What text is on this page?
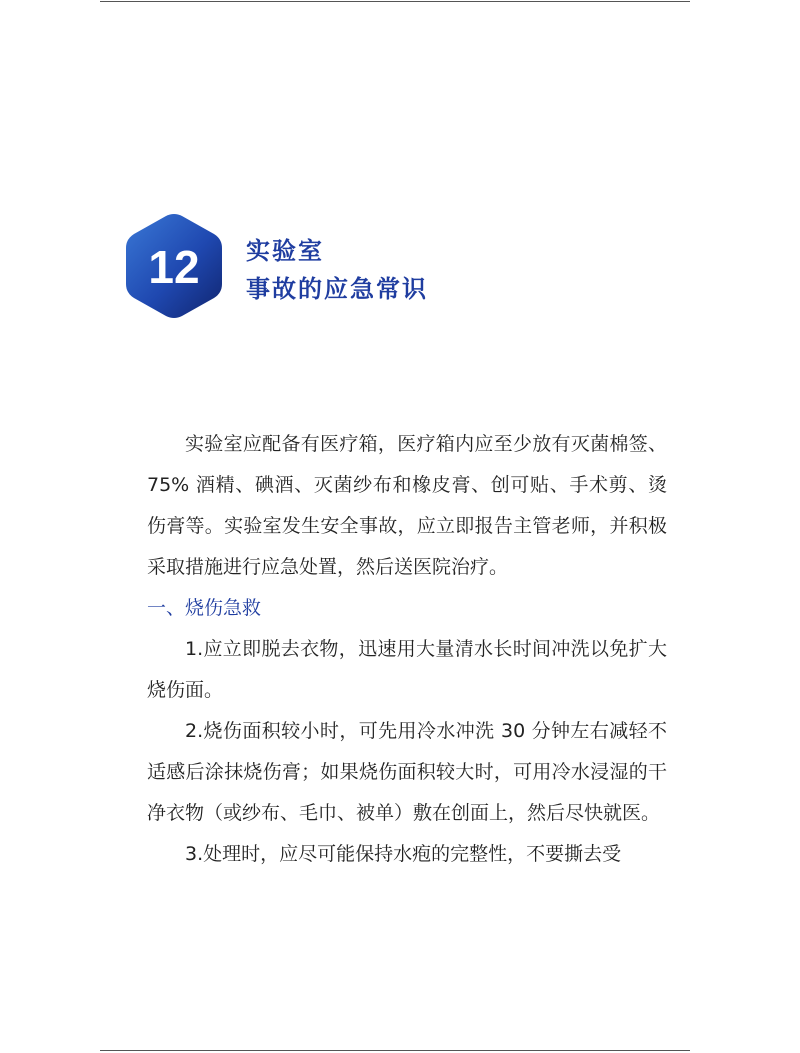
12 实验室
事故的应急常识

实验室应配备有医疗箱，医疗箱内应至少放有灭菌棉签、75% 酒精、碘酒、灭菌纱布和橡皮膏、创可贴、手术剪、烫伤膏等。实验室发生安全事故，应立即报告主管老师，并积极采取措施进行应急处置，然后送医院治疗。

一、烧伤急救

1.应立即脱去衣物，迅速用大量清水长时间冲洗以免扩大烧伤面。

2.烧伤面积较小时，可先用冷水冲洗 30 分钟左右减轻不适感后涂抹烧伤膏；如果烧伤面积较大时，可用冷水浸湿的干净衣物（或纱布、毛巾、被单）敷在创面上，然后尽快就医。

3.处理时，应尽可能保持水疱的完整性，不要撕去受
